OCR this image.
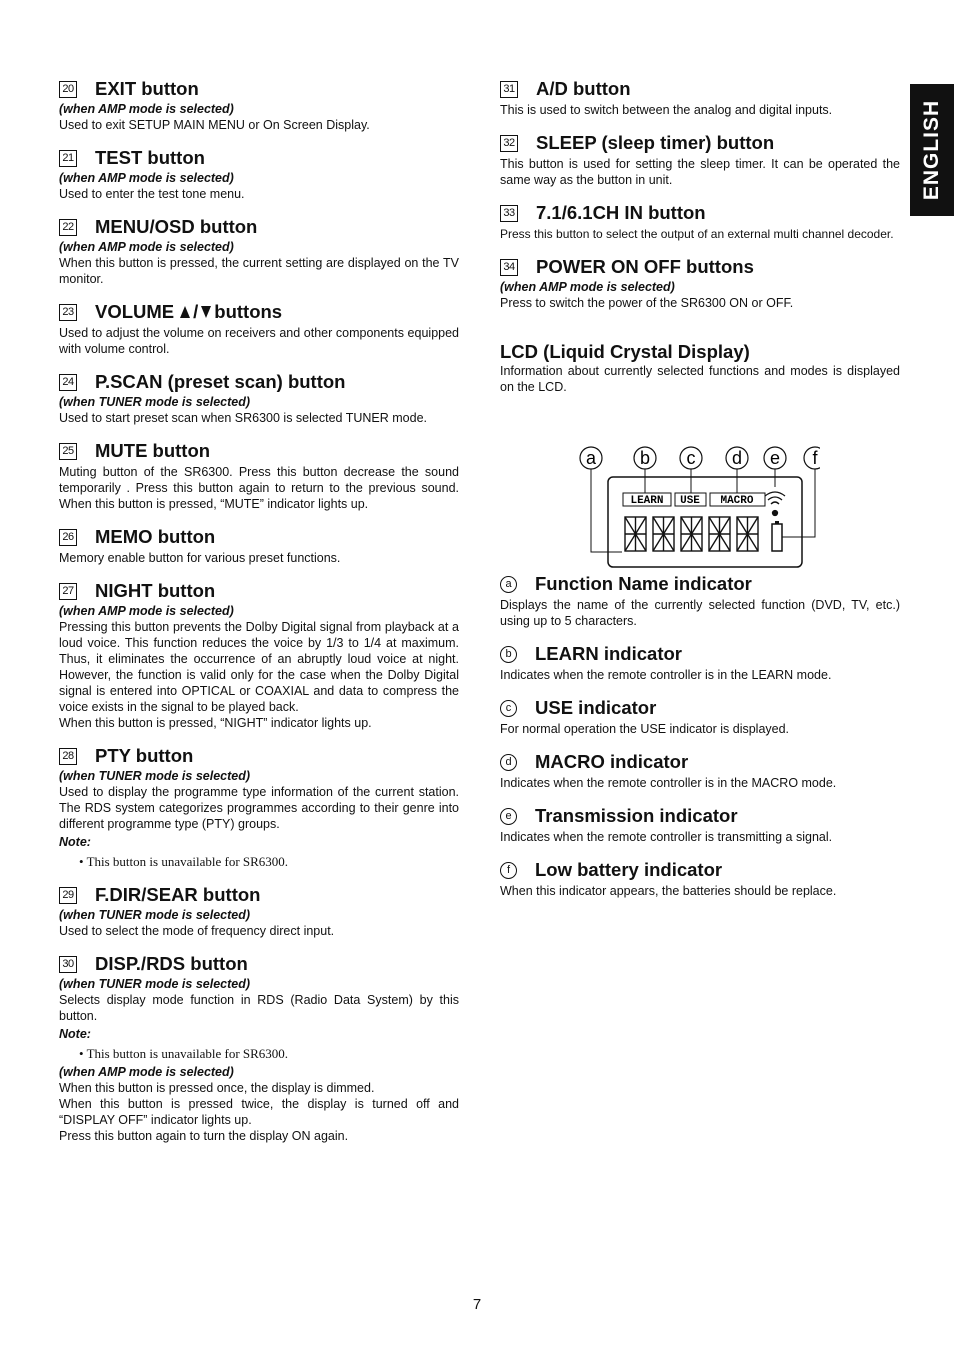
ENGLISH
20 EXIT button
(when AMP mode is selected)
Used to exit SETUP MAIN MENU or On Screen Display.
21 TEST button
(when AMP mode is selected)
Used to enter the test tone menu.
22 MENU/OSD button
(when AMP mode is selected)
When this button is pressed, the current setting are displayed on the TV monitor.
23 VOLUME / buttons
Used to adjust the volume on receivers and other components equipped with volume control.
24 P.SCAN (preset scan) button
(when TUNER mode is selected)
Used to start preset scan when SR6300 is selected TUNER mode.
25 MUTE button
Muting button of the SR6300. Press this button decrease the sound temporarily . Press this button again to return to the previous sound. When this button is pressed, “MUTE” indicator lights up.
26 MEMO button
Memory enable button for various preset functions.
27 NIGHT button
(when AMP mode is selected)
Pressing this button prevents the Dolby Digital signal from playback at a loud voice. This function reduces the voice by 1/3 to 1/4 at maximum. Thus, it eliminates the occurrence of an abruptly loud voice at night. However, the function is valid only for the case when the Dolby Digital signal is entered into OPTICAL or COAXIAL and data to compress the voice exists in the signal to be played back.
When this button is pressed, “NIGHT” indicator lights up.
28 PTY button
(when TUNER mode is selected)
Used to display the programme type information of the current station. The RDS system categorizes programmes according to their genre into different programme type (PTY) groups.
Note:
• This button is unavailable for SR6300.
29 F.DIR/SEAR button
(when TUNER mode is selected)
Used to select the mode of frequency direct input.
30 DISP./RDS button
(when TUNER mode is selected)
Selects display mode function in RDS (Radio Data System) by this button.
Note:
• This button is unavailable for SR6300.
(when AMP mode is selected)
When this button is pressed once, the display is dimmed.
When this button is pressed twice, the display is turned off and “DISPLAY OFF” indicator lights up.
Press this button again to turn the display ON again.
31 A/D button
This is used to switch between the analog and digital inputs.
32 SLEEP (sleep timer) button
This button is used for setting the sleep timer. It can be operated the same way as the button in unit.
33 7.1/6.1CH IN button
Press this button to select the output of an external multi channel decoder.
34 POWER ON OFF buttons
(when AMP mode is selected)
Press to switch the power of the SR6300 ON or OFF.
LCD (Liquid Crystal Display)
Information about currently selected functions and modes is displayed on the LCD.
a Function Name indicator
Displays the name of the currently selected function (DVD, TV, etc.) using up to 5 characters.
b LEARN indicator
Indicates when the remote controller is in the LEARN mode.
c	USE indicator
For normal operation the USE indicator is displayed.
d MACRO indicator
Indicates when the remote controller is in the MACRO mode.
e Transmission indicator
Indicates when the remote controller is transmitting a signal.
f	Low battery indicator
When this indicator appears, the batteries should be replace.
a b c d e f
LEARN USE MACRO
7
